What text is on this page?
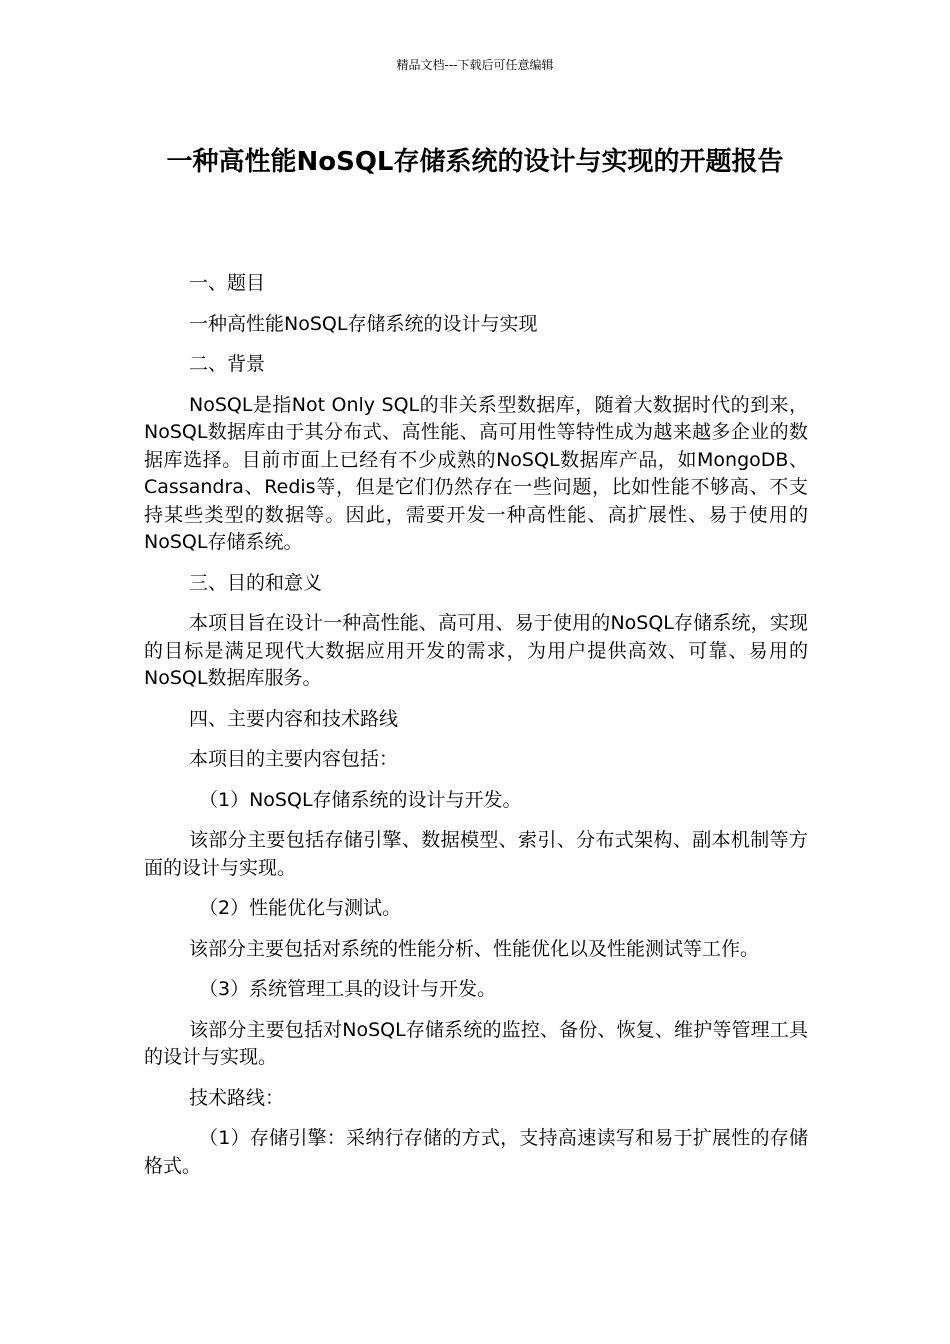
精品文档---下载后可任意编辑
一种高性能NoSQL存储系统的设计与实现的开题报告

一、题目

一种高性能NoSQL存储系统的设计与实现

二、背景

NoSQL是指Not Only SQL的非关系型数据库，随着大数据时代的到来，NoSQL数据库由于其分布式、高性能、高可用性等特性成为越来越多企业的数据库选择。目前市面上已经有不少成熟的NoSQL数据库产品，如MongoDB、Cassandra、Redis等，但是它们仍然存在一些问题，比如性能不够高、不支持某些类型的数据等。因此，需要开发一种高性能、高扩展性、易于使用的NoSQL存储系统。

三、目的和意义

本项目旨在设计一种高性能、高可用、易于使用的NoSQL存储系统，实现的目标是满足现代大数据应用开发的需求，为用户提供高效、可靠、易用的NoSQL数据库服务。

四、主要内容和技术路线

本项目的主要内容包括：

（1）NoSQL存储系统的设计与开发。

该部分主要包括存储引擎、数据模型、索引、分布式架构、副本机制等方面的设计与实现。

（2）性能优化与测试。

该部分主要包括对系统的性能分析、性能优化以及性能测试等工作。

（3）系统管理工具的设计与开发。

该部分主要包括对NoSQL存储系统的监控、备份、恢复、维护等管理工具的设计与实现。

技术路线：

（1）存储引擎：采纳行存储的方式，支持高速读写和易于扩展性的存储格式。
